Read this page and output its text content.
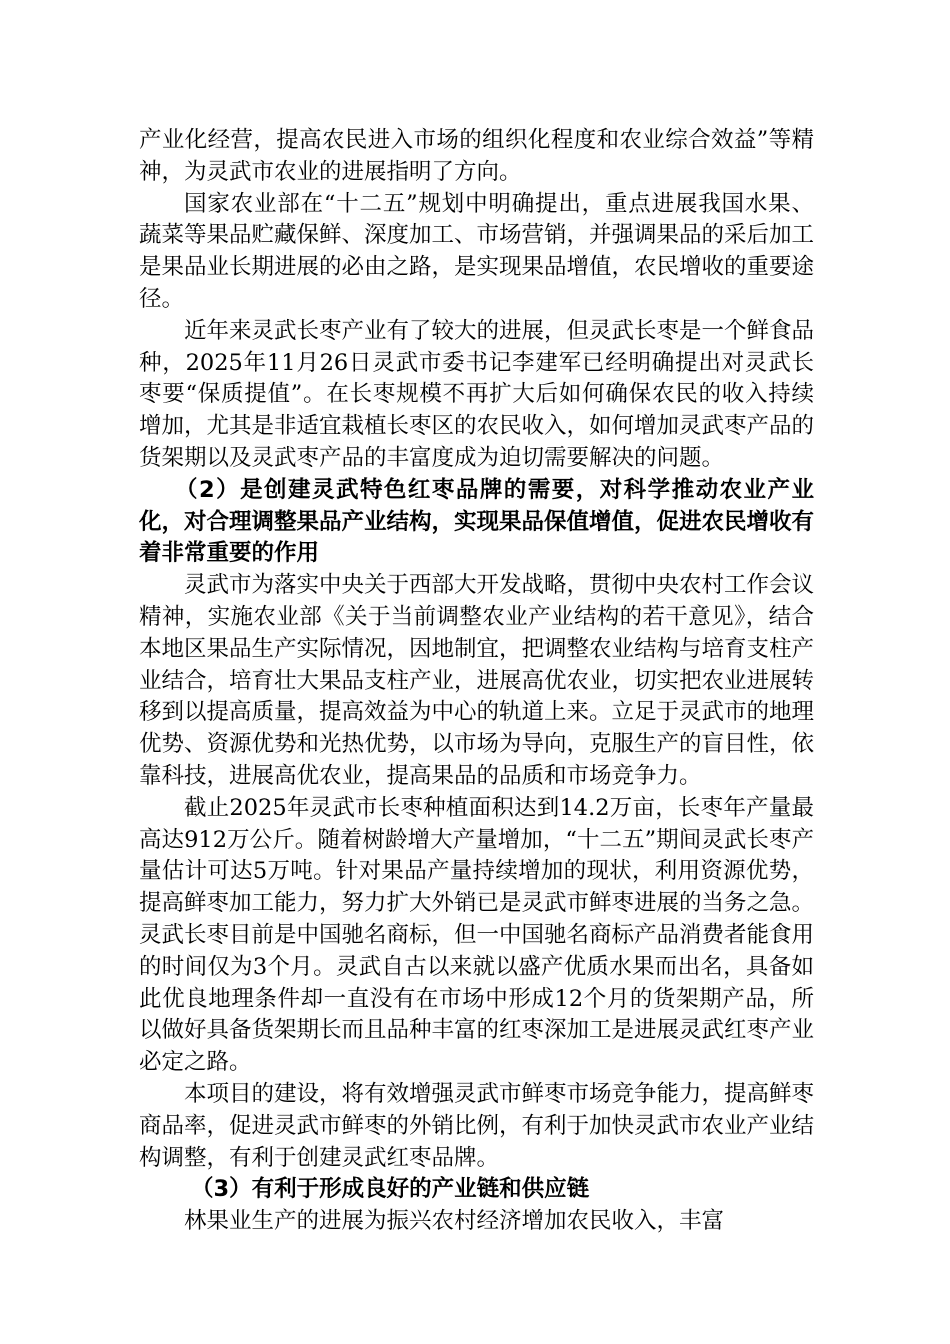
产业化经营，提高农民进入市场的组织化程度和农业综合效益”等精神，为灵武市农业的进展指明了方向。

国家农业部在“十二五”规划中明确提出，重点进展我国水果、蔬菜等果品贮藏保鲜、深度加工、市场营销，并强调果品的采后加工是果品业长期进展的必由之路，是实现果品增值，农民增收的重要途径。

近年来灵武长枣产业有了较大的进展，但灵武长枣是一个鲜食品种，2025年11月26日灵武市委书记李建军已经明确提出对灵武长枣要“保质提值”。在长枣规模不再扩大后如何确保农民的收入持续增加，尤其是非适宜栽植长枣区的农民收入，如何增加灵武枣产品的货架期以及灵武枣产品的丰富度成为迫切需要解决的问题。

（2）是创建灵武特色红枣品牌的需要，对科学推动农业产业化，对合理调整果品产业结构，实现果品保值增值，促进农民增收有着非常重要的作用

灵武市为落实中央关于西部大开发战略，贯彻中央农村工作会议精神，实施农业部《关于当前调整农业产业结构的若干意见》，结合本地区果品生产实际情况，因地制宜，把调整农业结构与培育支柱产业结合，培育壮大果品支柱产业，进展高优农业，切实把农业进展转移到以提高质量，提高效益为中心的轨道上来。立足于灵武市的地理优势、资源优势和光热优势，以市场为导向，克服生产的盲目性，依靠科技，进展高优农业，提高果品的品质和市场竞争力。

截止2025年灵武市长枣种植面积达到14.2万亩，长枣年产量最高达912万公斤。随着树龄增大产量增加，“十二五”期间灵武长枣产量估计可达5万吨。针对果品产量持续增加的现状，利用资源优势，提高鲜枣加工能力，努力扩大外销已是灵武市鲜枣进展的当务之急。灵武长枣目前是中国驰名商标，但一中国驰名商标产品消费者能食用的时间仅为3个月。灵武自古以来就以盛产优质水果而出名，具备如此优良地理条件却一直没有在市场中形成12个月的货架期产品，所以做好具备货架期长而且品种丰富的红枣深加工是进展灵武红枣产业必定之路。

本项目的建设，将有效增强灵武市鲜枣市场竞争能力，提高鲜枣商品率，促进灵武市鲜枣的外销比例，有利于加快灵武市农业产业结构调整，有利于创建灵武红枣品牌。

（3）有利于形成良好的产业链和供应链

林果业生产的进展为振兴农村经济增加农民收入，丰富
